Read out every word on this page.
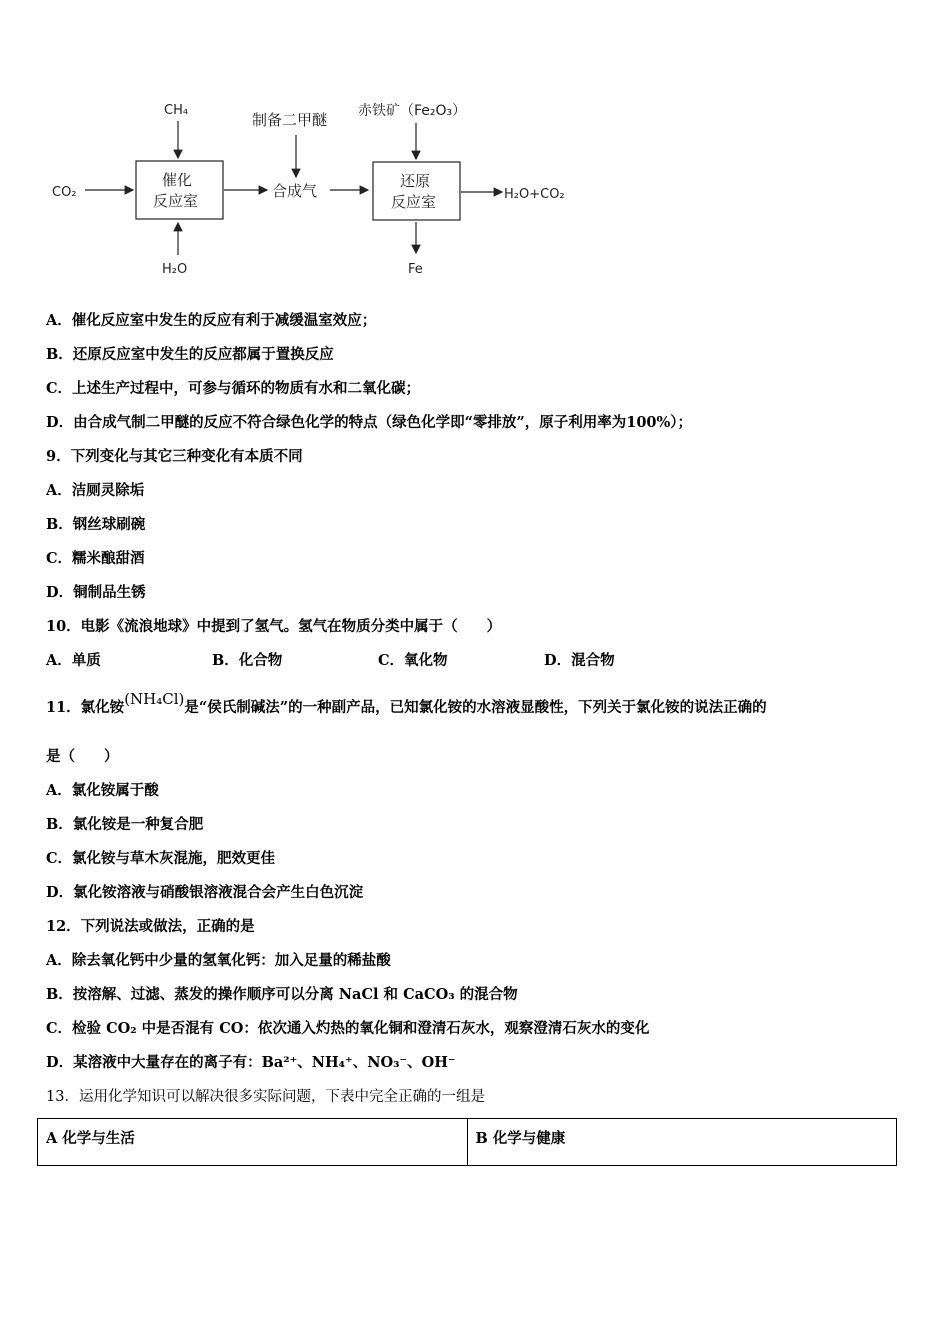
CO₂
CH₄
H₂O
催化
反应室
合成气
制备二甲醚 赤铁矿（Fe₂O₃）
还原
反应室	H₂O+CO₂
Fe
A．催化反应室中发生的反应有利于减缓温室效应；
B．还原反应室中发生的反应都属于置换反应
C．上述生产过程中，可参与循环的物质有水和二氧化碳；
D．由合成气制二甲醚的反应不符合绿色化学的特点（绿色化学即“零排放”，原子利用率为100%）；
9．下列变化与其它三种变化有本质不同
A．洁厕灵除垢
B．钢丝球刷碗
C．糯米酿甜酒
D．铜制品生锈
10．电影《流浪地球》中提到了氢气。氢气在物质分类中属于（　　）
A．单质	B．化合物	C．氧化物	D．混合物
11．氯化铵(NH₄Cl)是“侯氏制碱法”的一种副产品，已知氯化铵的水溶液显酸性，下列关于氯化铵的说法正确的
是（　　）
A．氯化铵属于酸
B．氯化铵是一种复合肥
C．氯化铵与草木灰混施，肥效更佳
D．氯化铵溶液与硝酸银溶液混合会产生白色沉淀
12．下列说法或做法，正确的是
A．除去氧化钙中少量的氢氧化钙：加入足量的稀盐酸
B．按溶解、过滤、蒸发的操作顺序可以分离 NaCl 和 CaCO₃ 的混合物
C．检验 CO₂ 中是否混有 CO：依次通入灼热的氧化铜和澄清石灰水，观察澄清石灰水的变化
D．某溶液中大量存在的离子有：Ba²⁺、NH₄⁺、NO₃⁻、OH⁻
13．运用化学知识可以解决很多实际问题，下表中完全正确的一组是
A 化学与生活	B 化学与健康
